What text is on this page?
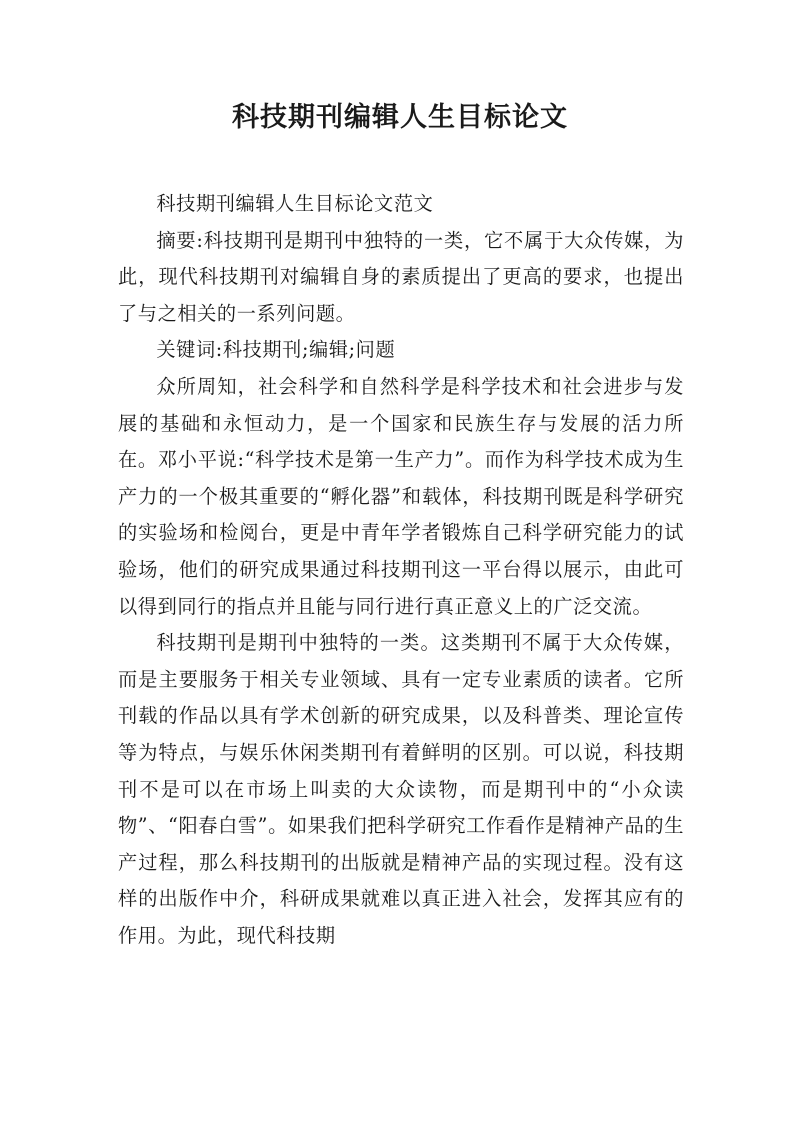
科技期刊编辑人生目标论文

科技期刊编辑人生目标论文范文

摘要:科技期刊是期刊中独特的一类，它不属于大众传媒，为此，现代科技期刊对编辑自身的素质提出了更高的要求，也提出了与之相关的一系列问题。

关键词:科技期刊;编辑;问题

众所周知，社会科学和自然科学是科学技术和社会进步与发展的基础和永恒动力，是一个国家和民族生存与发展的活力所在。邓小平说:“科学技术是第一生产力”。而作为科学技术成为生产力的一个极其重要的“孵化器”和载体，科技期刊既是科学研究的实验场和检阅台，更是中青年学者锻炼自己科学研究能力的试验场，他们的研究成果通过科技期刊这一平台得以展示，由此可以得到同行的指点并且能与同行进行真正意义上的广泛交流。

科技期刊是期刊中独特的一类。这类期刊不属于大众传媒，而是主要服务于相关专业领域、具有一定专业素质的读者。它所刊载的作品以具有学术创新的研究成果，以及科普类、理论宣传等为特点，与娱乐休闲类期刊有着鲜明的区别。可以说，科技期刊不是可以在市场上叫卖的大众读物，而是期刊中的“小众读物”、“阳春白雪”。如果我们把科学研究工作看作是精神产品的生产过程，那么科技期刊的出版就是精神产品的实现过程。没有这样的出版作中介，科研成果就难以真正进入社会，发挥其应有的作用。为此，现代科技期
